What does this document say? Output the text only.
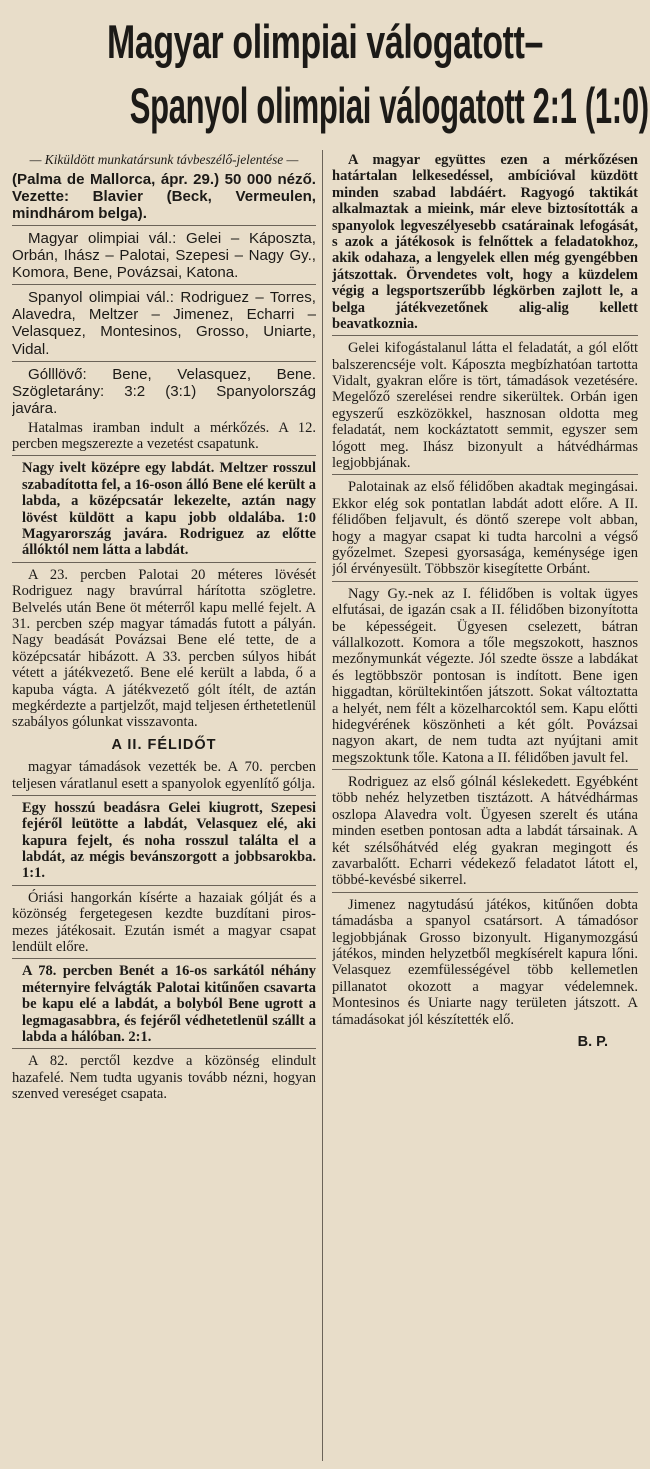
Magyar olimpiai válogatott–
Spanyol olimpiai válogatott 2:1 (1:0)

— Kiküldött munkatársunk távbeszélő-jelentése —

(Palma de Mallorca, ápr. 29.) 50 000 néző. Vezette: Blavier (Beck, Vermeulen, mindhárom belga).

Magyar olimpiai vál.: Gelei – Káposzta, Orbán, Ihász – Palotai, Szepesi – Nagy Gy., Komora, Bene, Povázsai, Katona.

Spanyol olimpiai vál.: Rodriguez – Torres, Alavedra, Meltzer – Jimenez, Echarri – Velasquez, Montesinos, Grosso, Uniarte, Vidal.

Gólllövő: Bene, Velasquez, Bene. Szögletarány: 3:2 (3:1) Spanyolország javára.

Hatalmas iramban indult a mérkőzés. A 12. percben megszerezte a vezetést csapatunk.

Nagy ivelt középre egy labdát. Meltzer rosszul szabadította fel, a 16-oson álló Bene elé került a labda, a középcsatár lekezelte, aztán nagy lövést küldött a kapu jobb oldalába. 1:0 Magyarország javára. Rodriguez az előtte állóktól nem látta a labdát.

A 23. percben Palotai 20 méteres lövését Rodriguez nagy bravúrral hárította szögletre. Belvelés után Bene öt méterről kapu mellé fejelt. A 31. percben szép magyar támadás futott a pályán. Nagy beadását Povázsai Bene elé tette, de a középcsatár hibázott. A 33. percben súlyos hibát vétett a játékvezető. Bene elé került a labda, ő a kapuba vágta. A játékvezető gólt ítélt, de aztán megkérdezte a partjelzőt, majd teljesen érthetetlenül szabályos gólunkat visszavonta.

A II. FÉLIDŐT

magyar támadások vezették be. A 70. percben teljesen váratlanul esett a spanyolok egyenlítő gólja.

Egy hosszú beadásra Gelei kiugrott, Szepesi fejéről leütötte a labdát, Velasquez elé, aki kapura fejelt, és noha rosszul találta el a labdát, az mégis bevánszorgott a jobbsarokba. 1:1.

Óriási hangorkán kísérte a hazaiak gólját és a közönség fergetegesen kezdte buzdítani piros-mezes játékosait. Ezután ismét a magyar csapat lendült előre.

A 78. percben Benét a 16-os sarkától néhány méternyire felvágták Palotai kitűnően csavarta be kapu elé a labdát, a bolyból Bene ugrott a legmagasabbra, és fejéről védhetetlenül szállt a labda a hálóban. 2:1.

A 82. perctől kezdve a közönség elindult hazafelé. Nem tudta ugyanis tovább nézni, hogyan szenved vereséget csapata.

A magyar együttes ezen a mérkőzésen határtalan lelkesedéssel, ambícióval küzdött minden szabad labdáért. Ragyogó taktikát alkalmaztak a mieink, már eleve biztosították a spanyolok legveszélyesebb csatárainak lefogását, s azok a játékosok is felnőttek a feladatokhoz, akik odahaza, a lengyelek ellen még gyengébben játszottak. Örvendetes volt, hogy a küzdelem végig a legsportszerűbb légkörben zajlott le, a belga játékvezetőnek alig-alig kellett beavatkoznia.

Gelei kifogástalanul látta el feladatát, a gól előtt balszerencséje volt. Káposzta megbízhatóan tartotta Vidalt, gyakran előre is tört, támadások vezetésére. Megelőző szerelései rendre sikerültek. Orbán igen egyszerű eszközökkel, hasznosan oldotta meg feladatát, nem kockáztatott semmit, egyszer sem lógott meg. Ihász bizonyult a hátvédhármas legjobbjának.

Palotainak az első félidőben akadtak megingásai. Ekkor elég sok pontatlan labdát adott előre. A II. félidőben feljavult, és döntő szerepe volt abban, hogy a magyar csapat ki tudta harcolni a végső győzelmet. Szepesi gyorsasága, keménysége igen jól érvényesült. Többször kisegítette Orbánt.

Nagy Gy.-nek az I. félidőben is voltak ügyes elfutásai, de igazán csak a II. félidőben bizonyította be képességeit. Ügyesen cselezett, bátran vállalkozott. Komora a tőle megszokott, hasznos mezőnymunkát végezte. Jól szedte össze a labdákat és legtöbbször pontosan is indított. Bene igen higgadtan, körültekintően játszott. Sokat változtatta a helyét, nem félt a közelharcoktól sem. Kapu előtti hidegvérének köszönheti a két gólt. Povázsai nagyon akart, de nem tudta azt nyújtani amit megszoktunk tőle. Katona a II. félidőben javult fel.

Rodriguez az első gólnál késlekedett. Egyébként több nehéz helyzetben tisztázott. A hátvédhármas oszlopa Alavedra volt. Ügyesen szerelt és utána minden esetben pontosan adta a labdát társainak. A két szélsőhátvéd elég gyakran megingott és zavarbalőtt. Echarri védekező feladatot látott el, többé-kevésbé sikerrel.

Jimenez nagytudású játékos, kitűnően dobta támadásba a spanyol csatársort. A támadósor legjobbjának Grosso bizonyult. Higanymozgású játékos, minden helyzetből megkísérelt kapura lőni. Velasquez ezemfülességével több kellemetlen pillanatot okozott a magyar védelemnek. Montesinos és Uniarte nagy területen játszott. A támadásokat jól készítették elő.

B. P.
